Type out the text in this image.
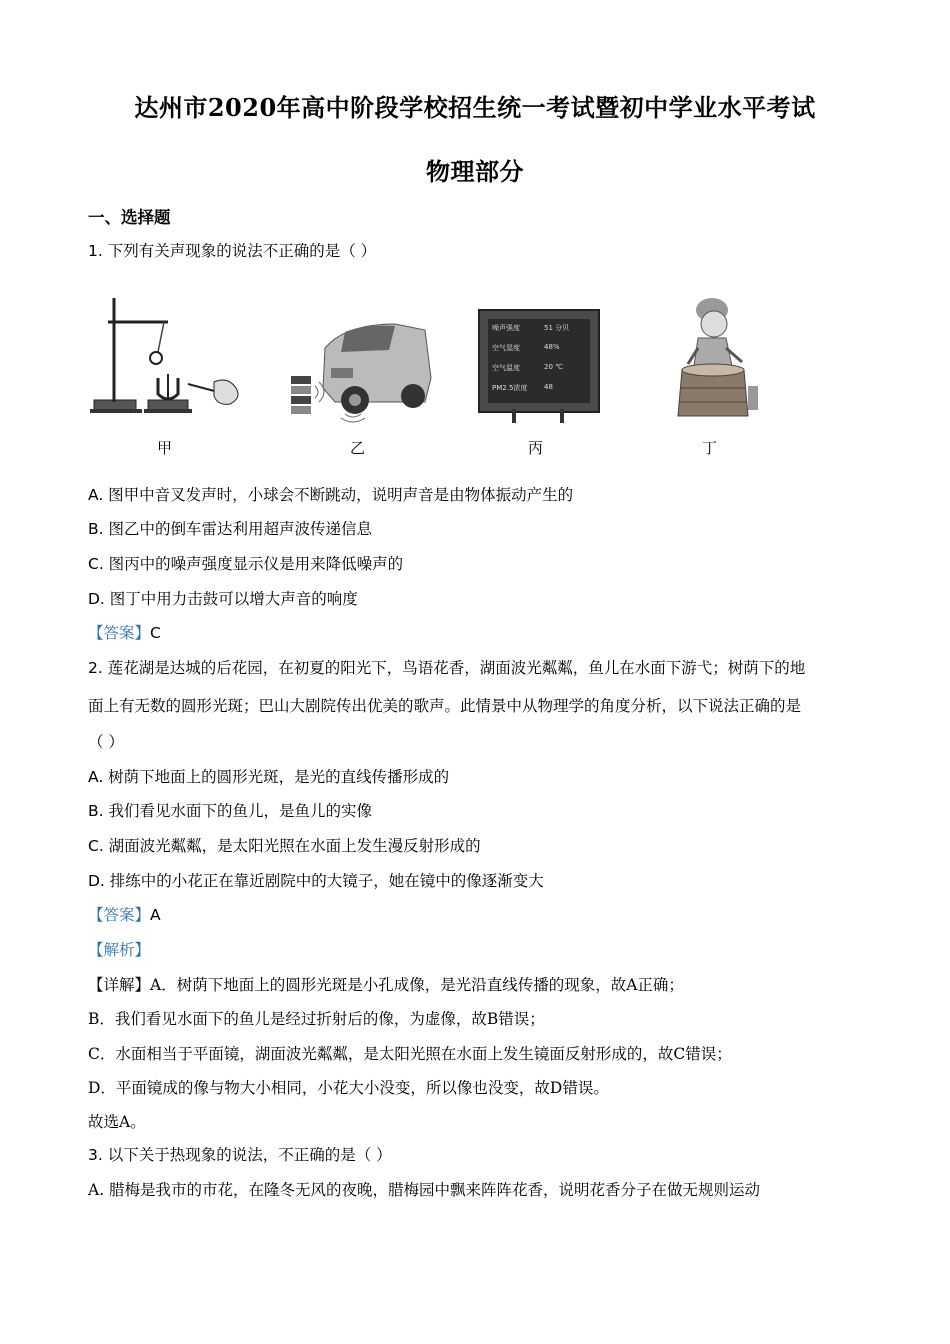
达州市2020年高中阶段学校招生统一考试暨初中学业水平考试
物理部分
一、选择题
1. 下列有关声现象的说法不正确的是（ ）
甲	乙
噪声强度	51 分贝
空气湿度	48%
空气温度	20 ℃
PM2.5浓度 48
丙	丁
A. 图甲中音叉发声时，小球会不断跳动，说明声音是由物体振动产生的
B. 图乙中的倒车雷达利用超声波传递信息
C. 图丙中的噪声强度显示仪是用来降低噪声的
D. 图丁中用力击鼓可以增大声音的响度
【答案】C
2. 莲花湖是达城的后花园，在初夏的阳光下，鸟语花香，湖面波光粼粼，鱼儿在水面下游弋；树荫下的地
面上有无数的圆形光斑；巴山大剧院传出优美的歌声。此情景中从物理学的角度分析，以下说法正确的是
（ ）
A. 树荫下地面上的圆形光斑，是光的直线传播形成的
B. 我们看见水面下的鱼儿，是鱼儿的实像
C. 湖面波光粼粼，是太阳光照在水面上发生漫反射形成的
D. 排练中的小花正在靠近剧院中的大镜子，她在镜中的像逐渐变大
【答案】A
【解析】
【详解】A．树荫下地面上的圆形光斑是小孔成像，是光沿直线传播的现象，故A正确；
B．我们看见水面下的鱼儿是经过折射后的像，为虚像，故B错误；
C．水面相当于平面镜，湖面波光粼粼，是太阳光照在水面上发生镜面反射形成的，故C错误；
D．平面镜成的像与物大小相同，小花大小没变，所以像也没变，故D错误。
故选A。
3. 以下关于热现象的说法，不正确的是（ ）
A. 腊梅是我市的市花，在隆冬无风的夜晚，腊梅园中飘来阵阵花香，说明花香分子在做无规则运动
